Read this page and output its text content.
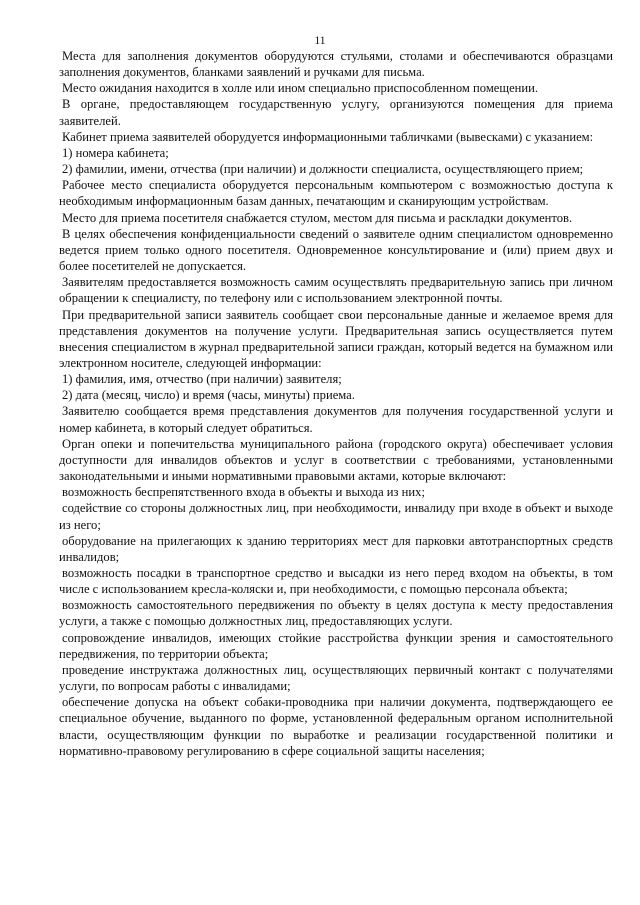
11

Места для заполнения документов оборудуются стульями, столами и обеспечиваются образцами заполнения документов, бланками заявлений и ручками для письма.

Место ожидания находится в холле или ином специально приспособленном помещении.

В органе, предоставляющем государственную услугу, организуются помещения для приема заявителей.

Кабинет приема заявителей оборудуется информационными табличками (вывесками) с указанием:

1) номера кабинета;

2) фамилии, имени, отчества (при наличии) и должности специалиста, осуществляющего прием;

Рабочее место специалиста оборудуется персональным компьютером с возможностью доступа к необходимым информационным базам данных, печатающим и сканирующим устройствам.

Место для приема посетителя снабжается стулом, местом для письма и раскладки документов.

В целях обеспечения конфиденциальности сведений о заявителе одним специалистом одновременно ведется прием только одного посетителя. Одновременное консультирование и (или) прием двух и более посетителей не допускается.

Заявителям предоставляется возможность самим осуществлять предварительную запись при личном обращении к специалисту, по телефону или с использованием электронной почты.

При предварительной записи заявитель сообщает свои персональные данные и желаемое время для представления документов на получение услуги. Предварительная запись осуществляется путем внесения специалистом в журнал предварительной записи граждан, который ведется на бумажном или электронном носителе, следующей информации:

1) фамилия, имя, отчество (при наличии) заявителя;

2) дата (месяц, число) и время (часы, минуты) приема.

Заявителю сообщается время представления документов для получения государственной услуги и номер кабинета, в который следует обратиться.

Орган опеки и попечительства муниципального района (городского округа) обеспечивает условия доступности для инвалидов объектов и услуг в соответствии с требованиями, установленными законодательными и иными нормативными правовыми актами, которые включают:

возможность беспрепятственного входа в объекты и выхода из них;

содействие со стороны должностных лиц, при необходимости, инвалиду при входе в объект и выходе из него;

оборудование на прилегающих к зданию территориях мест для парковки автотранспортных средств инвалидов;

возможность посадки в транспортное средство и высадки из него перед входом на объекты, в том числе с использованием кресла-коляски и, при необходимости, с помощью персонала объекта;

возможность самостоятельного передвижения по объекту в целях доступа к месту предоставления услуги, а также с помощью должностных лиц, предоставляющих услуги.

сопровождение инвалидов, имеющих стойкие расстройства функции зрения и самостоятельного передвижения, по территории объекта;

проведение инструктажа должностных лиц, осуществляющих первичный контакт с получателями услуги, по вопросам работы с инвалидами;

обеспечение допуска на объект собаки-проводника при наличии документа, подтверждающего ее специальное обучение, выданного по форме, установленной федеральным органом исполнительной власти, осуществляющим функции по выработке и реализации государственной политики и нормативно-правовому регулированию в сфере социальной защиты населения;
